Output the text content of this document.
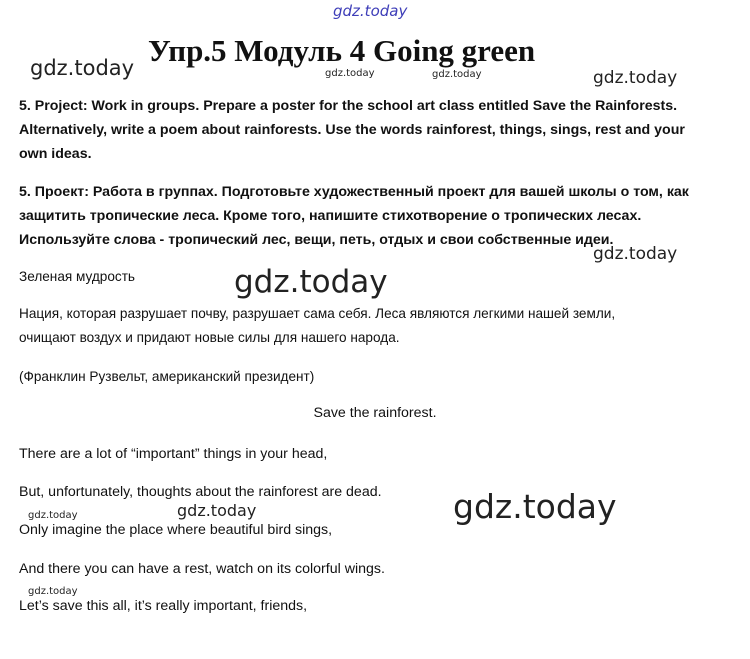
gdz.today
gdz.today	gdz.today	gdz.today	gdz.today
gdz.today
gdz.today
gdz.today
gdz.today
gdz.today
gdz.today
Упр.5 Модуль 4 Going green
5. Project: Work in groups. Prepare a poster for the school art class entitled Save the Rainforests.
Alternatively, write a poem about rainforests. Use the words rainforest, things, sings, rest and your
own ideas.
5. Проект: Работа в группах. Подготовьте художественный проект для вашей школы о том, как
защитить тропические леса. Кроме того, напишите стихотворение о тропических лесах.
Используйте слова - тропический лес, вещи, петь, отдых и свои собственные идеи.
Зеленая мудрость
Нация, которая разрушает почву, разрушает сама себя. Леса являются легкими нашей земли,
очищают воздух и придают новые силы для нашего народа.
(Франклин Рузвельт, американский президент)
Save the rainforest.
There are a lot of “important” things in your head,
But, unfortunately, thoughts about the rainforest are dead.
Only imagine the place where beautiful bird sings,
And there you can have a rest, watch on its colorful wings.
Let’s save this all, it’s really important, friends,
